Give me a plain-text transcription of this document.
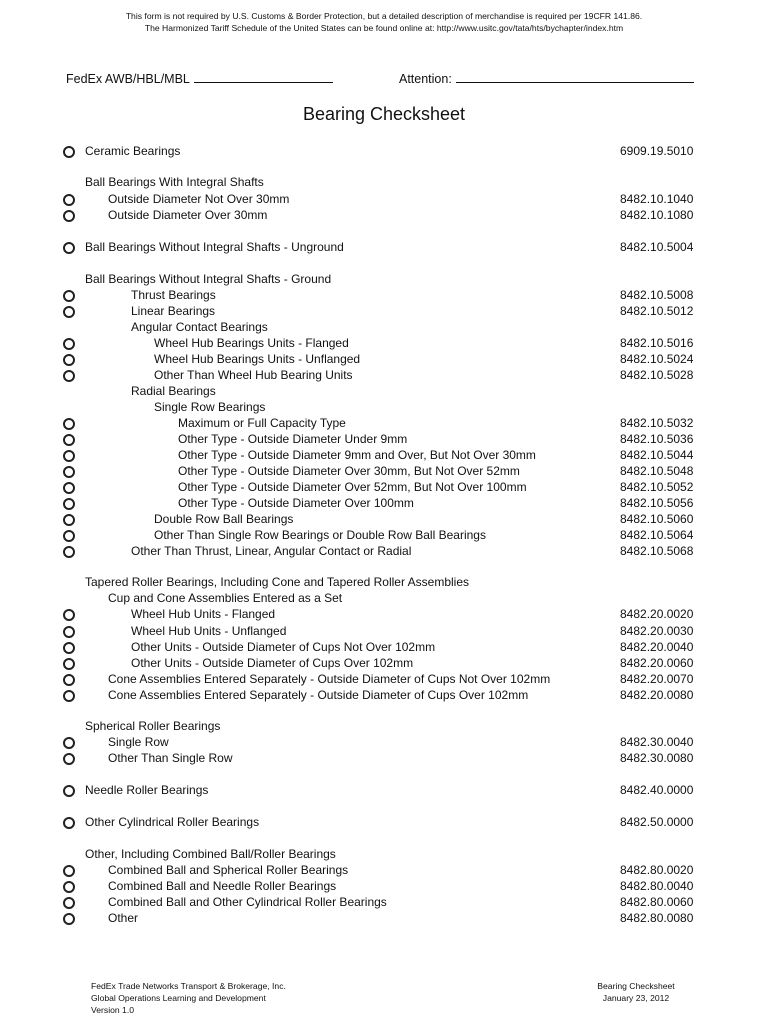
This form is not required by U.S. Customs & Border Protection, but a detailed description of merchandise is required per 19CFR 141.86.
The Harmonized Tariff Schedule of the United States can be found online at: http://www.usitc.gov/tata/hts/bychapter/index.htm
FedEx AWB/HBL/MBL	Attention:
Bearing Checksheet
Ceramic Bearings	6909.19.5010
Ball Bearings With Integral Shafts
Outside Diameter Not Over 30mm	8482.10.1040
Outside Diameter Over 30mm	8482.10.1080
Ball Bearings Without Integral Shafts - Unground	8482.10.5004
Ball Bearings Without Integral Shafts - Ground
Thrust Bearings	8482.10.5008
Linear Bearings	8482.10.5012
Angular Contact Bearings
Wheel Hub Bearings Units - Flanged	8482.10.5016
Wheel Hub Bearings Units - Unflanged	8482.10.5024
Other Than Wheel Hub Bearing Units	8482.10.5028
Radial Bearings
Single Row Bearings
Maximum or Full Capacity Type	8482.10.5032
Other Type - Outside Diameter Under 9mm	8482.10.5036
Other Type - Outside Diameter 9mm and Over, But Not Over 30mm	8482.10.5044
Other Type - Outside Diameter Over 30mm, But Not Over 52mm	8482.10.5048
Other Type - Outside Diameter Over 52mm, But Not Over 100mm	8482.10.5052
Other Type - Outside Diameter Over 100mm	8482.10.5056
Double Row Ball Bearings	8482.10.5060
Other Than Single Row Bearings or Double Row Ball Bearings	8482.10.5064
Other Than Thrust, Linear, Angular Contact or Radial	8482.10.5068
Tapered Roller Bearings, Including Cone and Tapered Roller Assemblies
Cup and Cone Assemblies Entered as a Set
Wheel Hub Units - Flanged	8482.20.0020
Wheel Hub Units - Unflanged	8482.20.0030
Other Units - Outside Diameter of Cups Not Over 102mm	8482.20.0040
Other Units - Outside Diameter of Cups Over 102mm	8482.20.0060
Cone Assemblies Entered Separately - Outside Diameter of Cups Not Over 102mm	8482.20.0070
Cone Assemblies Entered Separately - Outside Diameter of Cups Over 102mm	8482.20.0080
Spherical Roller Bearings
Single Row	8482.30.0040
Other Than Single Row	8482.30.0080
Needle Roller Bearings	8482.40.0000
Other Cylindrical Roller Bearings	8482.50.0000
Other, Including Combined Ball/Roller Bearings
Combined Ball and Spherical Roller Bearings	8482.80.0020
Combined Ball and Needle Roller Bearings	8482.80.0040
Combined Ball and Other Cylindrical Roller Bearings	8482.80.0060
Other	8482.80.0080
FedEx Trade Networks Transport & Brokerage, Inc.
Global Operations Learning and Development
Version 1.0
Bearing Checksheet
January 23, 2012
